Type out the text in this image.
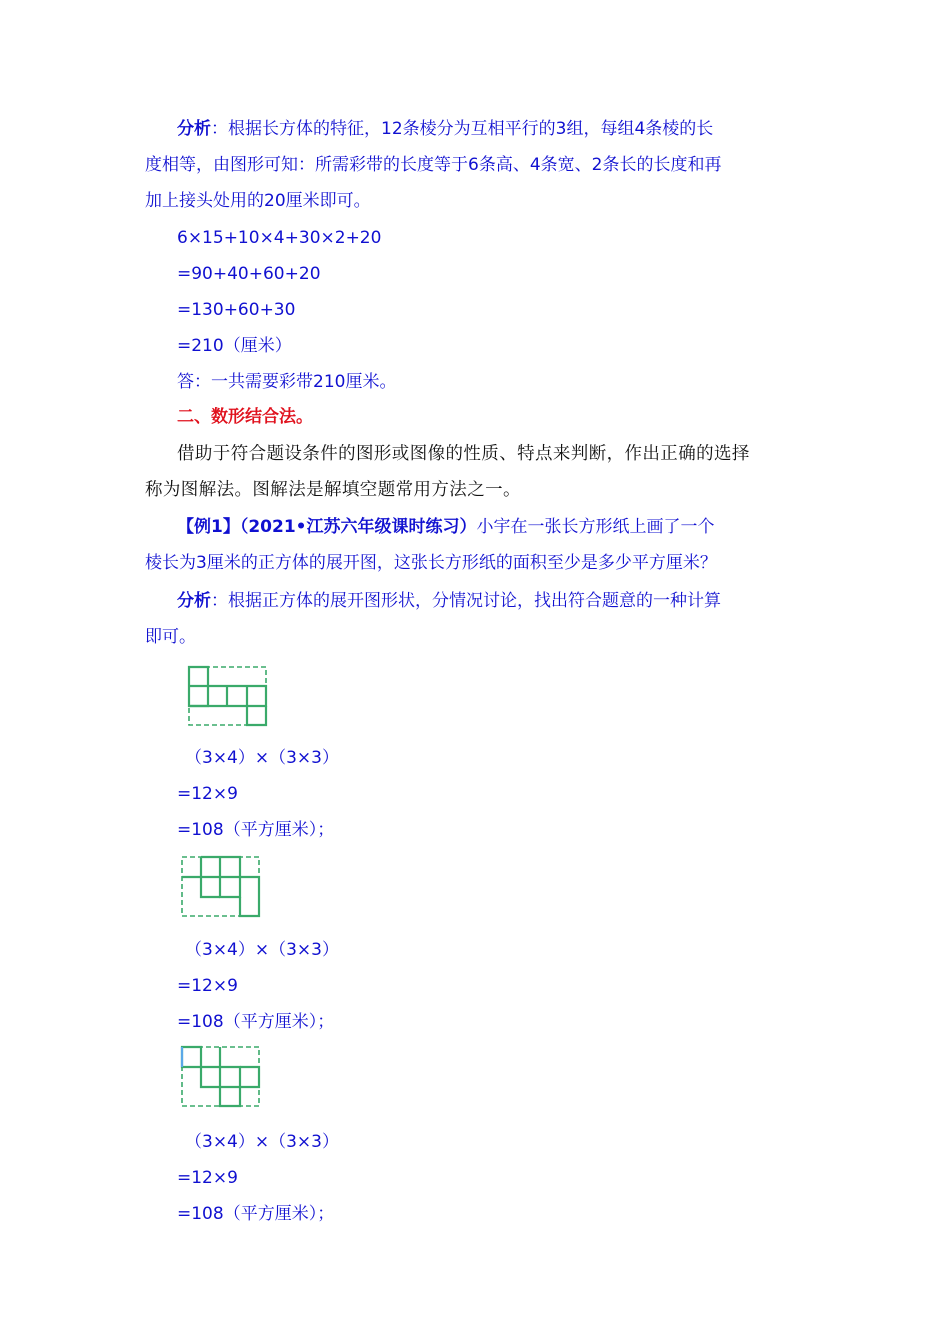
分析：根据长方体的特征，12条棱分为互相平行的3组，每组4条棱的长
度相等，由图形可知：所需彩带的长度等于6条高、4条宽、2条长的长度和再
加上接头处用的20厘米即可。
6×15+10×4+30×2+20
=90+40+60+20
=130+60+30
=210（厘米）
答：一共需要彩带210厘米。
二、数形结合法。
借助于符合题设条件的图形或图像的性质、特点来判断，作出正确的选择
称为图解法。图解法是解填空题常用方法之一。
【例1】（2021•江苏六年级课时练习）小宇在一张长方形纸上画了一个
棱长为3厘米的正方体的展开图，这张长方形纸的面积至少是多少平方厘米？
分析：根据正方体的展开图形状，分情况讨论，找出符合题意的一种计算
即可。
（3×4）×（3×3）
=12×9
=108（平方厘米）；
（3×4）×（3×3）
=12×9
=108（平方厘米）；
（3×4）×（3×3）
=12×9
=108（平方厘米）；
